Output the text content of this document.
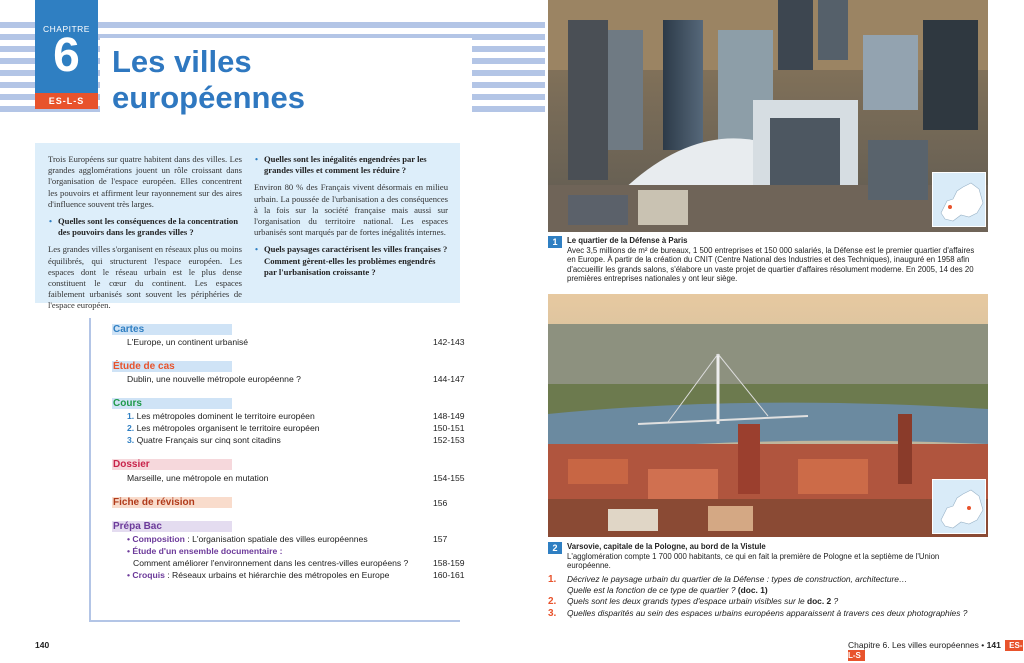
CHAPITRE
6
ES-L-S
Les villes
européennes

Trois Européens sur quatre habitent dans des villes. Les grandes agglomérations jouent un rôle croissant dans l'organisation de l'espace européen. Elles concentrent les pouvoirs et affirment leur rayonnement sur des aires d'influence souvent très larges.

• Quelles sont les conséquences de la concentration des pouvoirs dans les grandes villes ?

Les grandes villes s'organisent en réseaux plus ou moins équilibrés, qui structurent l'espace européen. Les espaces dont le réseau urbain est le plus dense constituent le cœur du continent. Les espaces faiblement urbanisés sont souvent les périphéries de l'espace européen.

• Quelles sont les inégalités engendrées par les grandes villes et comment les réduire ?

Environ 80 % des Français vivent désormais en milieu urbain. La poussée de l'urbanisation a des conséquences à la fois sur la société française mais aussi sur l'organisation du territoire national. Les espaces urbanisés sont marqués par de fortes inégalités internes.

• Quels paysages caractérisent les villes françaises ? Comment gèrent-elles les problèmes engendrés par l'urbanisation croissante ?
Cartes
L'Europe, un continent urbanisé	142-143
Étude de cas
Dublin, une nouvelle métropole européenne ?	144-147
Cours
1. Les métropoles dominent le territoire européen	148-149
2. Les métropoles organisent le territoire européen	150-151
3. Quatre Français sur cinq sont citadins	152-153
Dossier
Marseille, une métropole en mutation	154-155
Fiche de révision	156
Prépa Bac
• Composition : L'organisation spatiale des villes européennes	157
• Étude d'un ensemble documentaire :
Comment améliorer l'environnement dans les centres-villes européens ?	158-159
• Croquis : Réseaux urbains et hiérarchie des métropoles en Europe	160-161
1	Le quartier de la Défense à Paris
Avec 3,5 millions de m² de bureaux, 1 500 entreprises et 150 000 salariés, la Défense est le premier quartier d'affaires en Europe. À partir de la création du CNIT (Centre National des Industries et des Techniques), inauguré en 1958 afin d'accueillir les grands salons, s'élabore un vaste projet de quartier d'affaires résolument moderne. En 2005, 14 des 20 premières entreprises nationales y ont leur siège.
2	Varsovie, capitale de la Pologne, au bord de la Vistule
L'agglomération compte 1 700 000 habitants, ce qui en fait la première de Pologne et la septième de l'Union européenne.
1. Décrivez le paysage urbain du quartier de la Défense : types de construction, architecture…
Quelle est la fonction de ce type de quartier ? (doc. 1)
2. Quels sont les deux grands types d'espace urbain visibles sur le doc. 2 ?
3. Quelles disparités au sein des espaces urbains européens apparaissent à travers ces deux photographies ?
140	Chapitre 6. Les villes européennes • 141 ES-L-S
